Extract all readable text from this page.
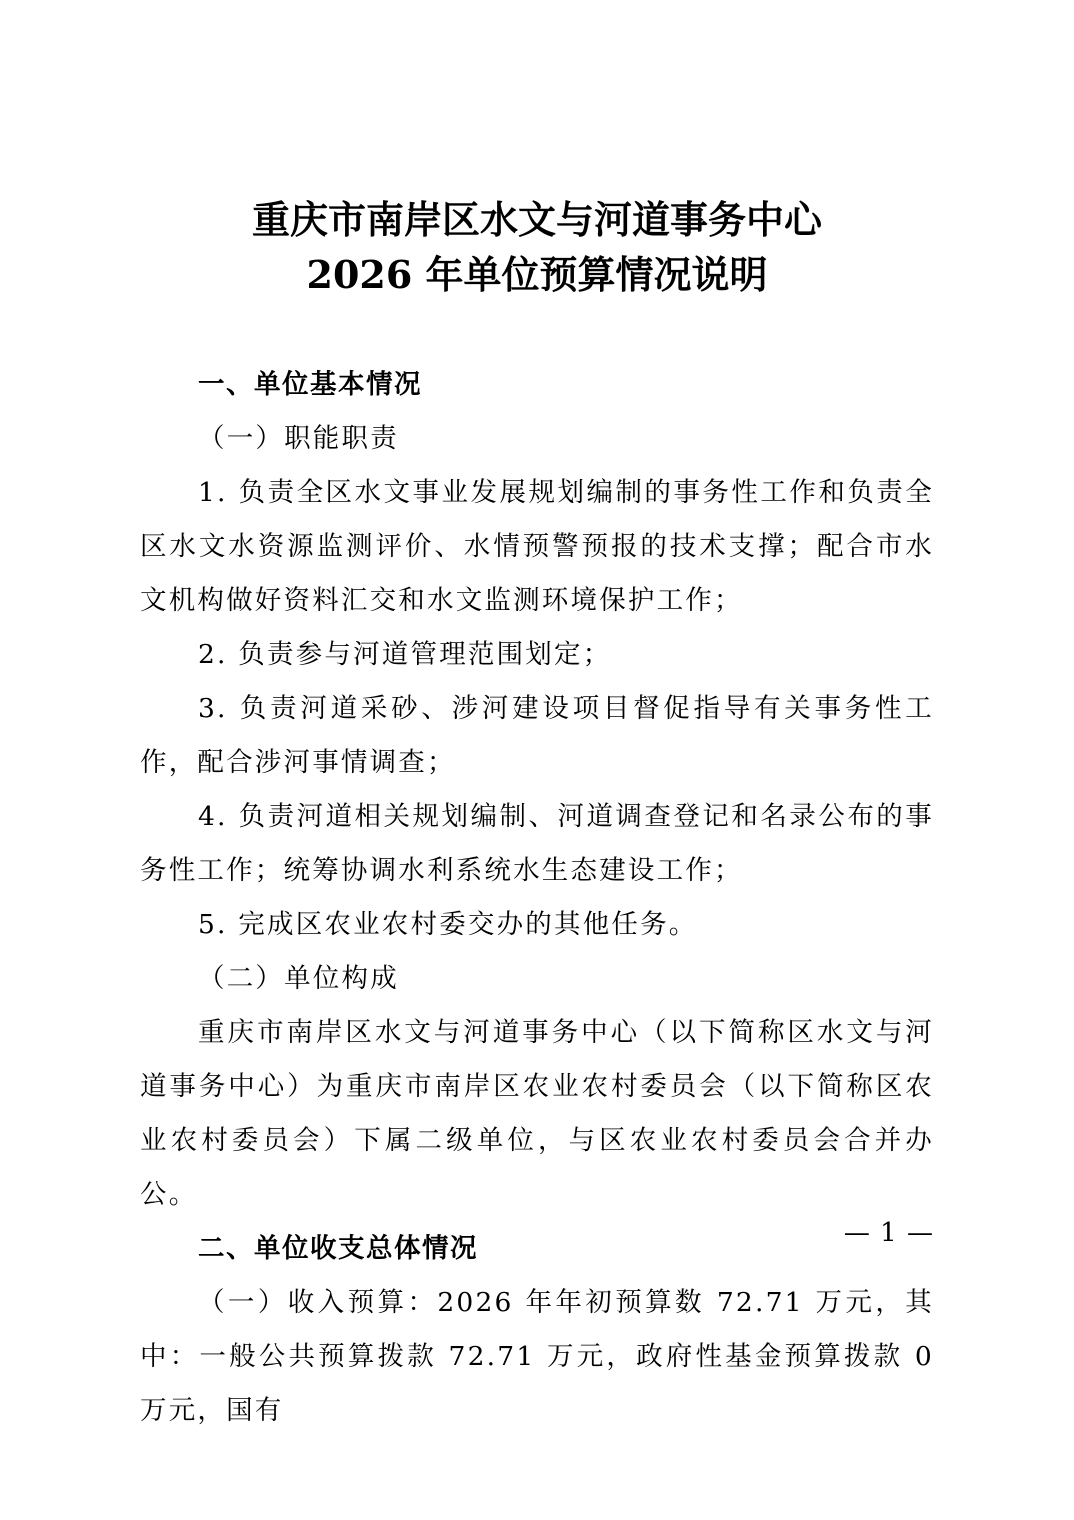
重庆市南岸区水文与河道事务中心
2026 年单位预算情况说明

一、单位基本情况

（一）职能职责

1. 负责全区水文事业发展规划编制的事务性工作和负责全区水文水资源监测评价、水情预警预报的技术支撑；配合市水文机构做好资料汇交和水文监测环境保护工作；

2. 负责参与河道管理范围划定；

3. 负责河道采砂、涉河建设项目督促指导有关事务性工作，配合涉河事情调查；

4. 负责河道相关规划编制、河道调查登记和名录公布的事务性工作；统筹协调水利系统水生态建设工作；

5. 完成区农业农村委交办的其他任务。

（二）单位构成

重庆市南岸区水文与河道事务中心（以下简称区水文与河道事务中心）为重庆市南岸区农业农村委员会（以下简称区农业农村委员会）下属二级单位，与区农业农村委员会合并办公。

二、单位收支总体情况

（一）收入预算：2026 年年初预算数 72.71 万元，其中：一般公共预算拨款 72.71 万元，政府性基金预算拨款 0 万元，国有

— 1 —
